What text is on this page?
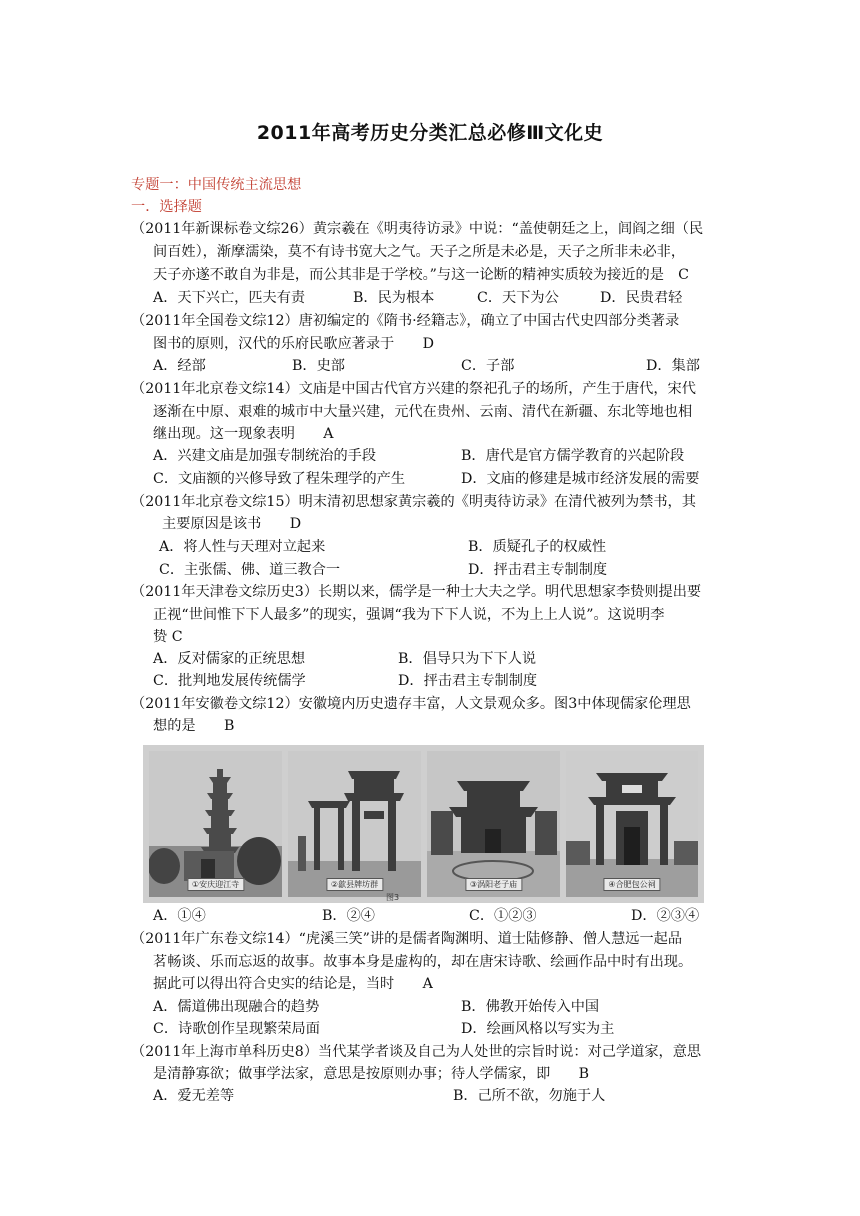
2011年高考历史分类汇总必修Ⅲ文化史
专题一：中国传统主流思想
一．选择题
（2011年新课标卷文综26）黄宗羲在《明夷待访录》中说：“盖使朝廷之上，闾阎之细（民
间百姓），渐摩濡染，莫不有诗书宽大之气。天子之所是未必是，天子之所非未必非，
天子亦遂不敢自为非是，而公其非是于学校。”与这一论断的精神实质较为接近的是　C
A．天下兴亡，匹夫有责	B．民为根本	C．天下为公	D．民贵君轻
（2011年全国卷文综12）唐初编定的《隋书·经籍志》，确立了中国古代史四部分类著录
图书的原则，汉代的乐府民歌应著录于　　D
A．经部	B．史部	C．子部	D．集部
（2011年北京卷文综14）文庙是中国古代官方兴建的祭祀孔子的场所，产生于唐代，宋代
逐渐在中原、艰难的城市中大量兴建，元代在贵州、云南、清代在新疆、东北等地也相
继出现。这一现象表明　　A
A．兴建文庙是加强专制统治的手段	B．唐代是官方儒学教育的兴起阶段
C．文庙额的兴修导致了程朱理学的产生	D．文庙的修建是城市经济发展的需要
（2011年北京卷文综15）明末清初思想家黄宗羲的《明夷待访录》在清代被列为禁书，其
主要原因是该书　　D
A．将人性与天理对立起来	B．质疑孔子的权威性
C．主张儒、佛、道三教合一	D．抨击君主专制制度
（2011年天津卷文综历史3）长期以来，儒学是一种士大夫之学。明代思想家李贽则提出要
正视“世间惟下下人最多”的现实，强调“我为下下人说，不为上上人说”。这说明李
贽 C
A．反对儒家的正统思想	B．倡导只为下下人说
C．批判地发展传统儒学	D．抨击君主专制制度
（2011年安徽卷文综12）安徽境内历史遗存丰富，人文景观众多。图3中体现儒家伦理思
想的是　　B
①安庆迎江寺	②歙县牌坊群	③涡阳老子庙	④合肥包公祠
图3
A．①④	B．②④	C．①②③	D．②③④
（2011年广东卷文综14）“虎溪三笑”讲的是儒者陶渊明、道士陆修静、僧人慧远一起品
茗畅谈、乐而忘返的故事。故事本身是虚构的，却在唐宋诗歌、绘画作品中时有出现。
据此可以得出符合史实的结论是，当时　　A
A．儒道佛出现融合的趋势	B．佛教开始传入中国
C．诗歌创作呈现繁荣局面	D．绘画风格以写实为主
（2011年上海市单科历史8）当代某学者谈及自己为人处世的宗旨时说：对己学道家，意思
是清静寡欲；做事学法家，意思是按原则办事；待人学儒家，即　　B
A．爱无差等	B．己所不欲，勿施于人
